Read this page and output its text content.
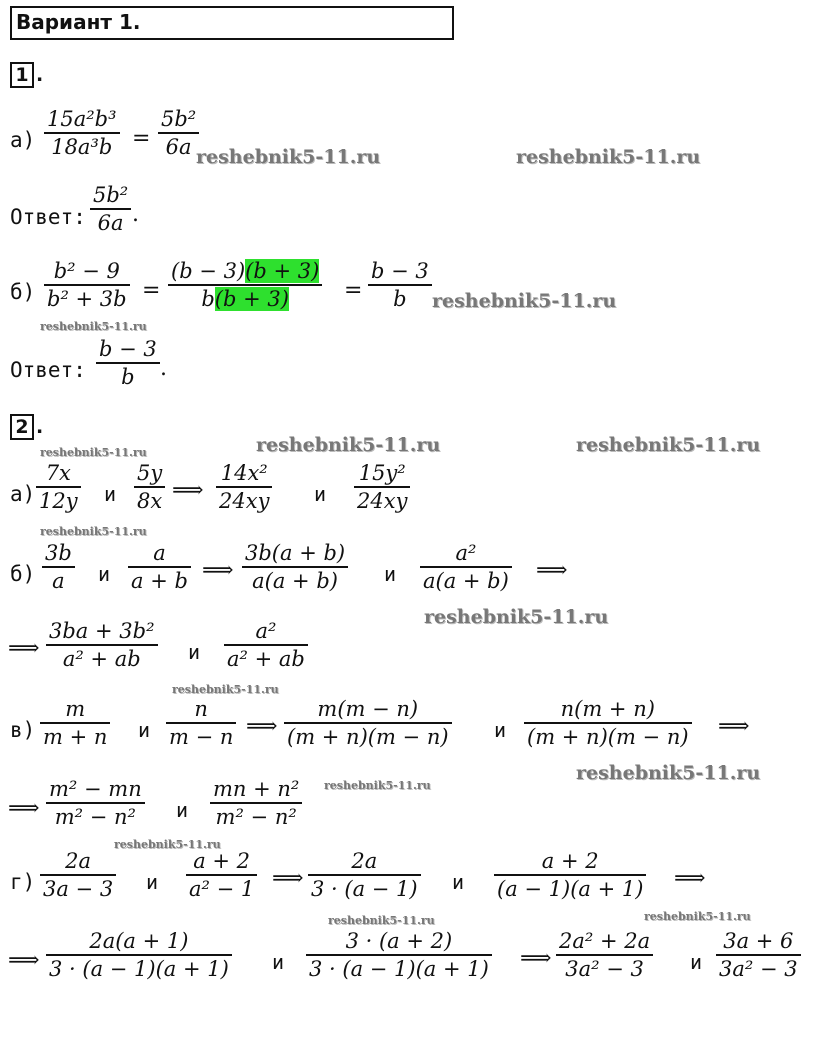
Вариант 1.
1 .
а)
15a²b³
18a³b =
5b²
6a
Ответ:
5b²
6a .
б)
b² − 9
b² + 3b =
(b − 3)(b + 3)
b(b + 3)	=
b − 3
b
Ответ:
b − 3
b .
2 .
а)
7x
12y и
5y
8x ⟹
14x²
24xy и
15y²
24xy
б)
3b
a и
a
a + b ⟹
3b(a + b)
a(a + b) и
a²
a(a + b) ⟹
⟹
3ba + 3b²
a² + ab и
a²
a² + ab
в)
m
m + n и
n
m − n ⟹
m(m − n)
(m + n)(m − n) и
n(m + n)
(m + n)(m − n) ⟹
⟹
m² − mn
m² − n² и
mn + n²
m² − n²
г)
2a
3a − 3 и
a + 2
a² − 1 ⟹
2a
3 · (a − 1) и
a + 2
(a − 1)(a + 1) ⟹
⟹
2a(a + 1)
3 · (a − 1)(a + 1) и
3 · (a + 2)
3 · (a − 1)(a + 1) ⟹
2a² + 2a
3a² − 3 и
3a + 6
3a² − 3
reshebnik5-11.ru	reshebnik5-11.ru
reshebnik5-11.ru
reshebnik5-11.ru
reshebnik5-11.ru	reshebnik5-11.ru	reshebnik5-11.ru
reshebnik5-11.ru
reshebnik5-11.ru
reshebnik5-11.ru
reshebnik5-11.ru
reshebnik5-11.ru
reshebnik5-11.ru
reshebnik5-11.ru
reshebnik5-11.ru
